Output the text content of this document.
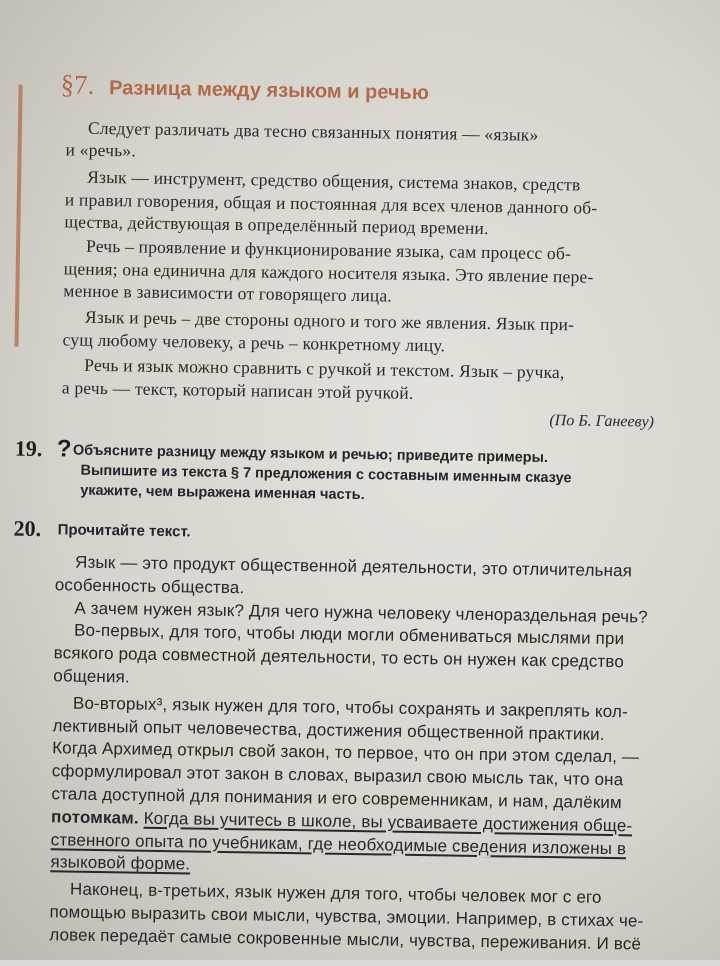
§7. Разница между языком и речью
Следует различать два тесно связанных понятия — «язык»
и «речь».
Язык — инструмент, средство общения, система знаков, средств
и правил говорения, общая и постоянная для всех членов данного об-
щества, действующая в определённый период времени.
Речь – проявление и функционирование языка, сам процесс об-
щения; она единична для каждого носителя языка. Это явление пере-
менное в зависимости от говорящего лица.
Язык и речь – две стороны одного и того же явления. Язык при-
сущ любому человеку, а речь – конкретному лицу.
Речь и язык можно сравнить с ручкой и текстом. Язык – ручка,
а речь — текст, который написан этой ручкой.
(По Б. Ганееву)
19. ? Объясните разницу между языком и речью; приведите примеры.
Выпишите из текста § 7 предложения с составным именным сказуе
укажите, чем выражена именная часть.
20. Прочитайте текст.
Язык — это продукт общественной деятельности, это отличительная
особенность общества.
А зачем нужен язык? Для чего нужна человеку членораздельная речь?
Во-первых, для того, чтобы люди могли обмениваться мыслями при
всякого рода совместной деятельности, то есть он нужен как средство
общения.
Во-вторых³, язык нужен для того, чтобы сохранять и закреплять кол-
лективный опыт человечества, достижения общественной практики.
Когда Архимед открыл свой закон, то первое, что он при этом сделал, —
сформулировал этот закон в словах, выразил свою мысль так, что она
стала доступной для понимания и его современникам, и нам, далёким
потомкам. Когда вы учитесь в школе, вы усваиваете достижения обще-
ственного опыта по учебникам, где необходимые сведения изложены в
языковой форме.
Наконец, в-третьих, язык нужен для того, чтобы человек мог с его
помощью выразить свои мысли, чувства, эмоции. Например, в стихах че-
ловек передаёт самые сокровенные мысли, чувства, переживания. И всё
